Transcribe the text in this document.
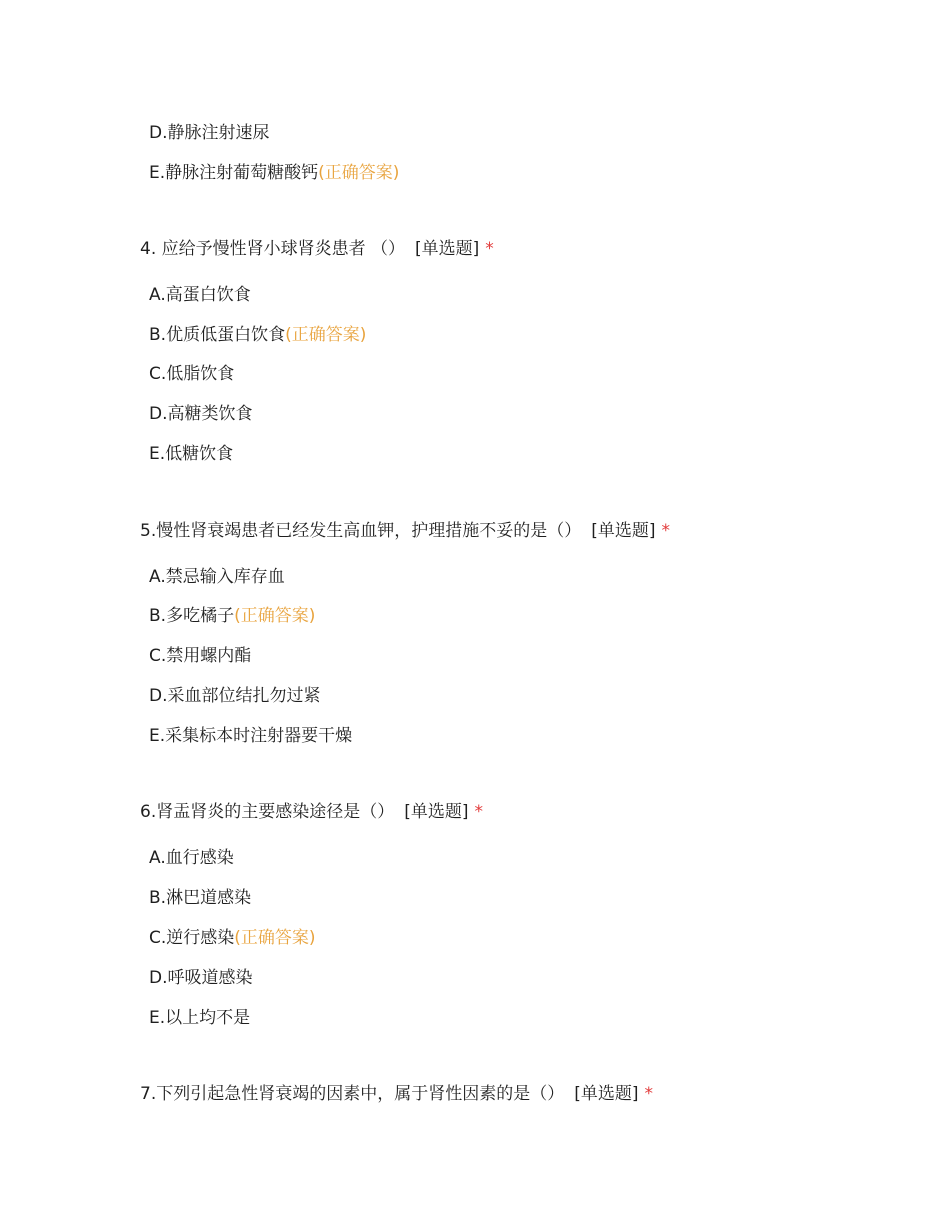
D.静脉注射速尿
E.静脉注射葡萄糖酸钙(正确答案)
4. 应给予慢性肾小球肾炎患者 （） [单选题] *
A.高蛋白饮食
B.优质低蛋白饮食(正确答案)
C.低脂饮食
D.高糖类饮食
E.低糖饮食
5.慢性肾衰竭患者已经发生高血钾，护理措施不妥的是（） [单选题] *
A.禁忌输入库存血
B.多吃橘子(正确答案)
C.禁用螺内酯
D.采血部位结扎勿过紧
E.采集标本时注射器要干燥
6.肾盂肾炎的主要感染途径是（） [单选题] *
A.血行感染
B.淋巴道感染
C.逆行感染(正确答案)
D.呼吸道感染
E.以上均不是
7.下列引起急性肾衰竭的因素中，属于肾性因素的是（） [单选题] *
